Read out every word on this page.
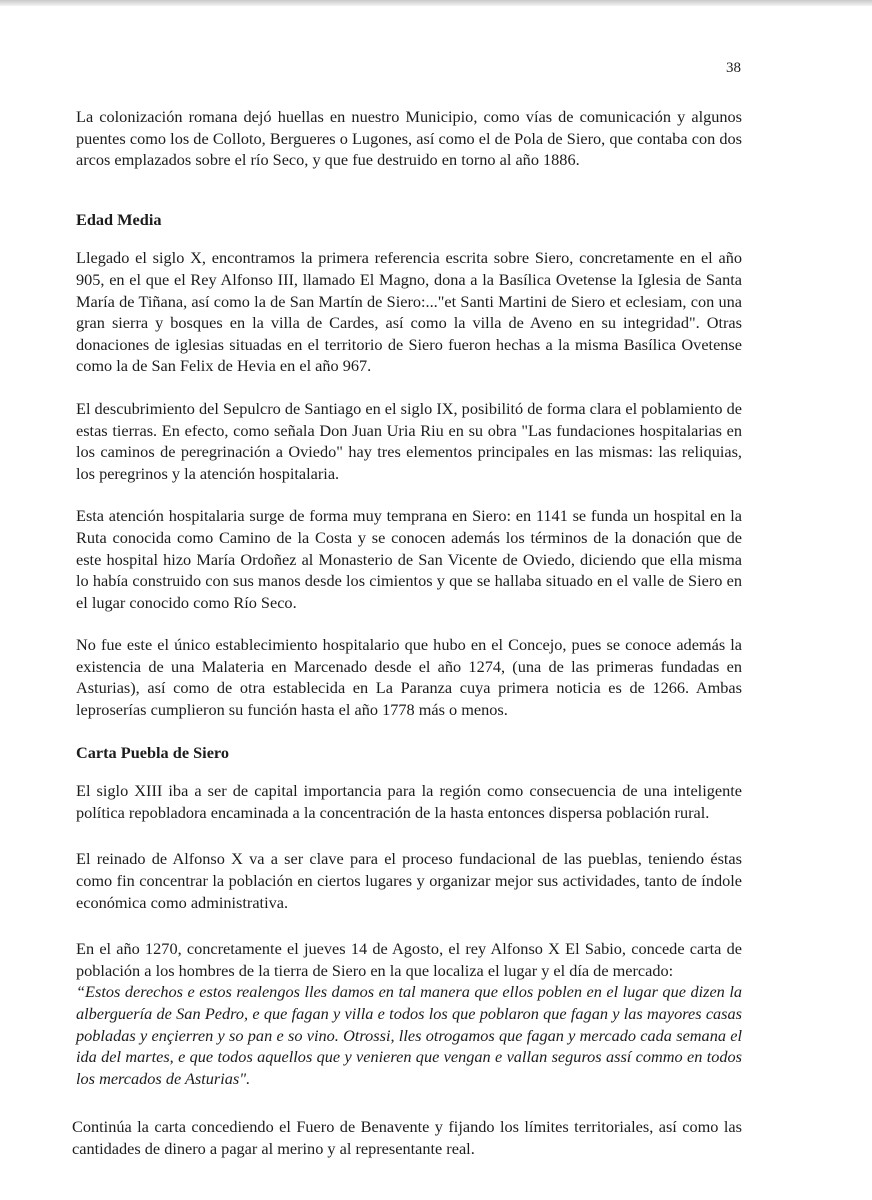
38

La colonización romana dejó huellas en nuestro Municipio, como vías de comunicación y algunos puentes como los de Colloto, Bergueres o Lugones, así como el de Pola de Siero, que contaba con dos arcos emplazados sobre el río Seco, y que fue destruido en torno al año 1886.

Edad Media

Llegado el siglo X, encontramos la primera referencia escrita sobre Siero, concretamente en el año 905, en el que el Rey Alfonso III, llamado El Magno, dona a la Basílica Ovetense la Iglesia de Santa María de Tiñana, así como la de San Martín de Siero:..."et Santi Martini de Siero et eclesiam, con una gran sierra y bosques en la villa de Cardes, así como la villa de Aveno en su integridad". Otras donaciones de iglesias situadas en el territorio de Siero fueron hechas a la misma Basílica Ovetense como la de San Felix de Hevia en el año 967.

El descubrimiento del Sepulcro de Santiago en el siglo IX, posibilitó de forma clara el poblamiento de estas tierras. En efecto, como señala Don Juan Uria Riu en su obra "Las fundaciones hospitalarias en los caminos de peregrinación a Oviedo" hay tres elementos principales en las mismas: las reliquias, los peregrinos y la atención hospitalaria.

Esta atención hospitalaria surge de forma muy temprana en Siero: en 1141 se funda un hospital en la Ruta conocida como Camino de la Costa y se conocen además los términos de la donación que de este hospital hizo María Ordoñez al Monasterio de San Vicente de Oviedo, diciendo que ella misma lo había construido con sus manos desde los cimientos y que se hallaba situado en el valle de Siero en el lugar conocido como Río Seco.

No fue este el único establecimiento hospitalario que hubo en el Concejo, pues se conoce además la existencia de una Malateria en Marcenado desde el año 1274, (una de las primeras fundadas en Asturias), así como de otra establecida en La Paranza cuya primera noticia es de 1266. Ambas leproserías cumplieron su función hasta el año 1778 más o menos.

Carta Puebla de Siero

El siglo XIII iba a ser de capital importancia para la región como consecuencia de una inteligente política repobladora encaminada a la concentración de la hasta entonces dispersa población rural.

El reinado de Alfonso X va a ser clave para el proceso fundacional de las pueblas, teniendo éstas como fin concentrar la población en ciertos lugares y organizar mejor sus actividades, tanto de índole económica como administrativa.

En el año 1270, concretamente el jueves 14 de Agosto, el rey Alfonso X El Sabio, concede carta de población a los hombres de la tierra de Siero en la que localiza el lugar y el día de mercado:

“Estos derechos e estos realengos lles damos en tal manera que ellos poblen en el lugar que dizen la alberguería de San Pedro, e que fagan y villa e todos los que poblaron que fagan y las mayores casas pobladas y ençierren y so pan e so vino. Otrossi, lles otrogamos que fagan y mercado cada semana el ida del martes, e que todos aquellos que y venieren que vengan e vallan seguros assí commo en todos los mercados de Asturias".

Continúa la carta concediendo el Fuero de Benavente y fijando los límites territoriales, así como las cantidades de dinero a pagar al merino y al representante real.
